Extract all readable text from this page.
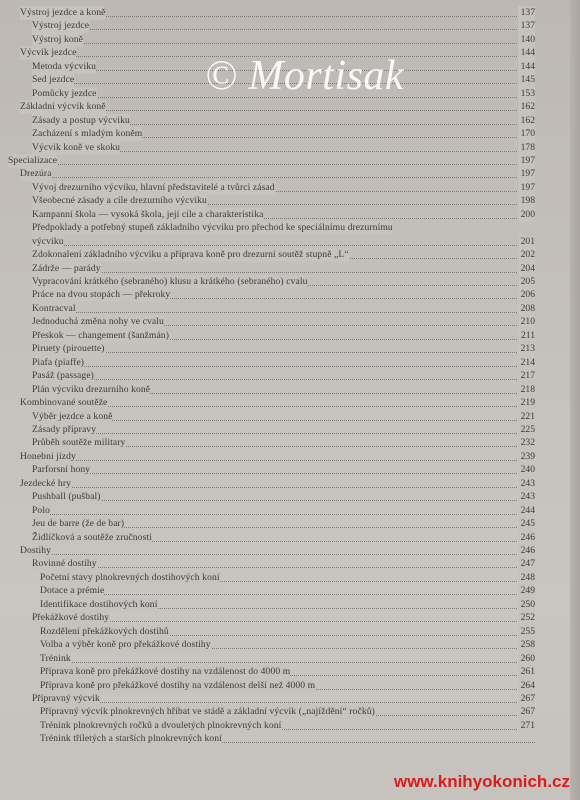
Výstroj jezdce a koně	137
Výstroj jezdce	137
Výstroj koně	140
Výcvik jezdce	144
Metoda výcviku	144
Sed jezdce	145
Pomůcky jezdce	153
Základní výcvik koně	162
Zásady a postup výcviku	162
Zacházení s mladým koněm	170
Výcvik koně ve skoku	178
Specializace	197
Drezúra	197
Vývoj drezurního výcviku, hlavní představitelé a tvůrci zásad	197
Všeobecné zásady a cíle drezurního výcviku	198
Kampanní škola — vysoká škola, její cíle a charakteristika	200
Předpoklady a potřebný stupeň základního výcviku pro přechod ke speciálnímu drezurnímu
výcviku	201
Zdokonalení základního výcviku a příprava koně pro drezurní soutěž stupně „L“	202
Zádrže — parády	204
Vypracování krátkého (sebraného) klusu a krátkého (sebraného) cvalu	205
Práce na dvou stopách — překroky	206
Kontracval	208
Jednoduchá změna nohy ve cvalu	210
Přeskok — changement (šanžmán)	211
Piruety (pirouette)	213
Piafa (piaffe)	214
Pasáž (passage)	217
Plán výcviku drezurního koně	218
Kombinované soutěže	219
Výběr jezdce a koně	221
Zásady přípravy	225
Průběh soutěže military	232
Honební jízdy	239
Parforsní hony	240
Jezdecké hry	243
Pushball (pušbal)	243
Polo	244
Jeu de barre (že de bar)	245
Židlíčková a soutěže zručnosti	246
Dostihy	246
Rovinné dostihy	247
Početní stavy plnokrevných dostihových koní	248
Dotace a prémie	249
Identifikace dostihových koní	250
Překážkové dostihy	252
Rozdělení překážkových dostihů	255
Volba a výběr koně pro překážkové dostihy	258
Trénink	260
Příprava koně pro překážkové dostihy na vzdálenost do 4000 m	261
Příprava koně pro překážkové dostihy na vzdálenost delší než 4000 m	264
Přípravný výcvik	267
Přípravný výcvik plnokrevných hříbat ve stádě a základní výcvik („najíždění“ ročků)	267
Trénink plnokrevných ročků a dvouletých plnokrevných koní	271
Trénink tříletých a starších plnokrevných koní
© Mortisak
www.knihyokonich.cz
